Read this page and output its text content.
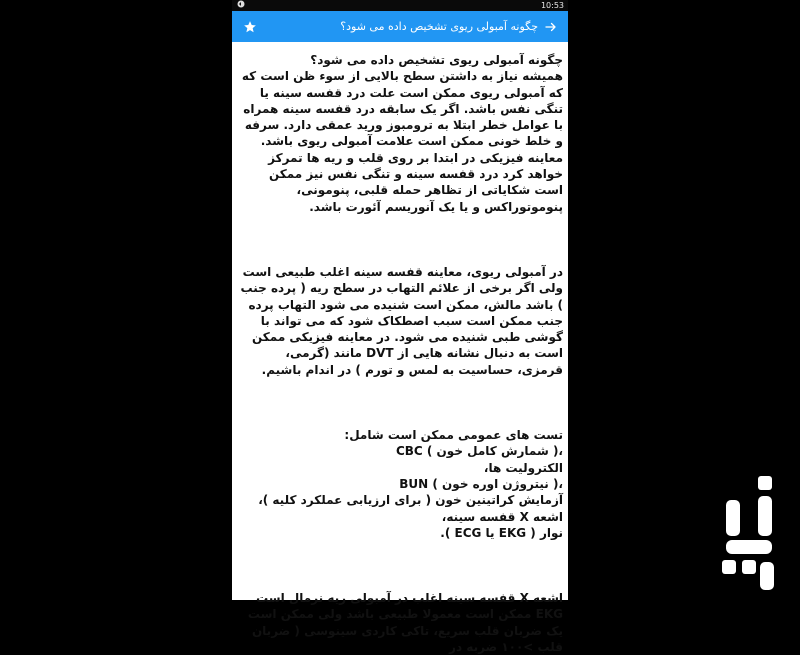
10:53
چگونه آمبولی ریوی تشخیص داده می شود؟

چگونه آمبولی ریوی تشخیص داده می شود؟

همیشه نیاز به داشتن سطح بالایی از سوء ظن است که که آمبولی ریوی ممکن است علت درد قفسه سینه یا تنگی نفس باشد. اگر یک سابقه درد قفسه سینه همراه با عوامل خطر ابتلا به ترومبوز ورید عمقی دارد. سرفه و خلط خونی ممکن است علامت آمبولی ریوی باشد.
معاینه فیزیکی در ابتدا بر روی قلب و ریه ها تمرکز خواهد کرد درد قفسه سینه و تنگی نفس نیز ممکن است شکایاتی از تظاهر حمله قلبی، پنومونی، پنوموتوراکس و یا یک آنوریسم آئورت باشد.

در آمبولی ریوی، معاینه قفسه سینه اغلب طبیعی است ولی اگر برخی از علائم التهاب در سطح ریه ( پرده جنب ) باشد مالش، ممکن است شنیده می شود التهاب پرده جنب ممکن است سبب اصطکاک شود که می تواند با گوشی طبی شنیده می شود. در معاینه فیزیکی ممکن است به دنبال نشانه هایی از DVT مانند (گرمی، قرمزی، حساسیت به لمس و تورم ) در اندام باشیم.

تست های عمومی ممکن است شامل:

،( شمارش کامل خون ) CBC

الکترولیت ها،

،( نیتروژن اوره خون ) BUN

آزمایش کراتینین خون ( برای ارزیابی عملکرد کلیه )،

اشعه X قفسه سینه،

نوار ( EKG یا ECG ).

اشعه X قفسه سینه اغلب در آمبولی ریه نرمال است EKG ممکن است معمولا طبیعی باشد ولی ممکن است یک ضربان قلب سریع، تاکی کاردی سینوسی ( ضربان قلب >۱۰۰ ضربه در
